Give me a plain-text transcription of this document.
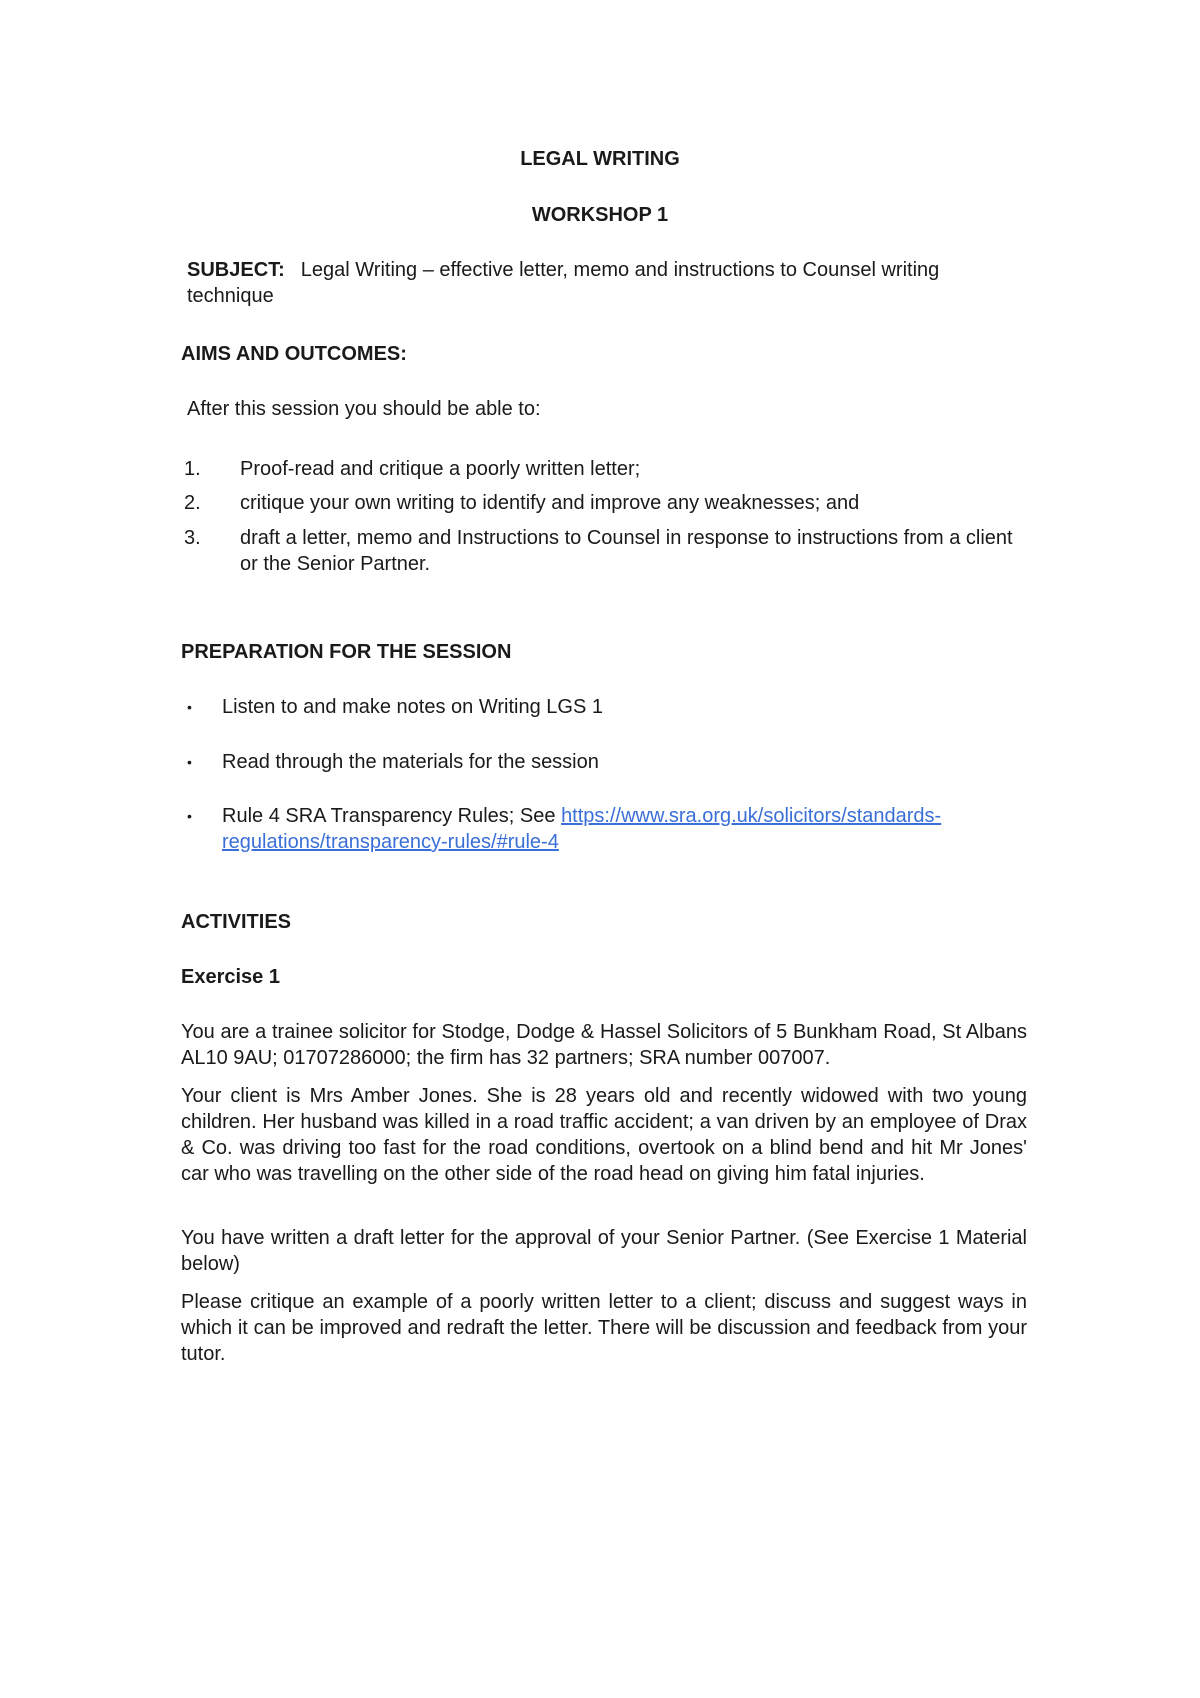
LEGAL WRITING

WORKSHOP 1

SUBJECT: Legal Writing – effective letter, memo and instructions to Counsel writing technique

AIMS AND OUTCOMES:

After this session you should be able to:

1.	Proof-read and critique a poorly written letter;
2.	critique your own writing to identify and improve any weaknesses; and
3.	draft a letter, memo and Instructions to Counsel in response to instructions from a client or the Senior Partner.

PREPARATION FOR THE SESSION

• Listen to and make notes on Writing LGS 1
• Read through the materials for the session
• Rule 4 SRA Transparency Rules; See https://www.sra.org.uk/solicitors/standards-regulations/transparency-rules/#rule-4

ACTIVITIES

Exercise 1

You are a trainee solicitor for Stodge, Dodge & Hassel Solicitors of 5 Bunkham Road, St Albans AL10 9AU; 01707286000; the firm has 32 partners; SRA number 007007.

Your client is Mrs Amber Jones. She is 28 years old and recently widowed with two young children. Her husband was killed in a road traffic accident; a van driven by an employee of Drax & Co. was driving too fast for the road conditions, overtook on a blind bend and hit Mr Jones' car who was travelling on the other side of the road head on giving him fatal injuries.

You have written a draft letter for the approval of your Senior Partner. (See Exercise 1 Material below)

Please critique an example of a poorly written letter to a client; discuss and suggest ways in which it can be improved and redraft the letter. There will be discussion and feedback from your tutor.
